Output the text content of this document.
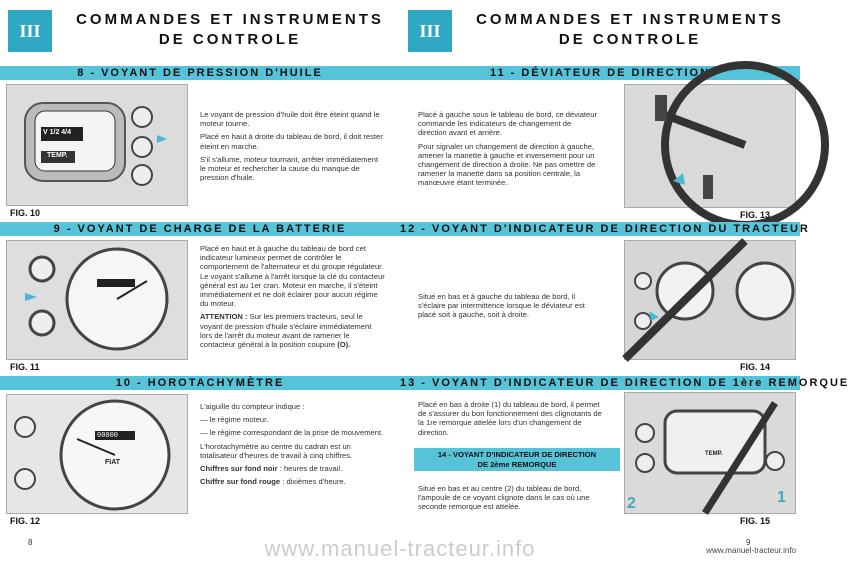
III
COMMANDES ET INSTRUMENTS
DE CONTROLE
8 - VOYANT DE PRESSION D'HUILE
V 1/2 4/4
TEMP.
FIG. 10

Le voyant de pression d'huile doit être éteint quand le moteur tourne.

Placé en haut à droite du tableau de bord, il doit rester éteint en marche.

S'il s'allume, moteur tournant, arrêter immédiatement le moteur et rechercher la cause du manque de pression d'huile.

9 - VOYANT DE CHARGE DE LA BATTERIE
FIG. 11

Placé en haut et à gauche du tableau de bord cet indicateur lumineux permet de contrôler le comportement de l'alternateur et du groupe régulateur. Le voyant s'allume à l'arrêt lorsque la clé du contacteur général est au 1er cran. Moteur en marche, il s'éteint immédiatement et ne doit éclairer pour aucun régime du moteur.

ATTENTION : Sur les premiers tracteurs, seul le voyant de pression d'huile s'éclaire immédiatement lors de l'arrêt du moteur avant de ramener le contacteur général à la position coupure (O).

10 - HOROTACHYMÈTRE
00000
FIAT
FIG. 12

L'aiguille du compteur indique :

— le régime moteur.

— le régime correspondant de la prise de mouvement.

L'horotachymètre au centre du cadran est un totalisateur d'heures de travail à cinq chiffres.

Chiffres sur fond noir : heures de travail.

Chiffre sur fond rouge : dixièmes d'heure.

8
III
COMMANDES ET INSTRUMENTS
DE CONTROLE
11 - DÉVIATEUR DE DIRECTION

Placé à gauche sous le tableau de bord, ce déviateur commande les indicateurs de changement de direction avant et arrière.

Pour signaler un changement de direction à gauche, amener la manette à gauche et inversement pour un changement de direction à droite. Ne pas omettre de ramener la manette dans sa position centrale, la manœuvre étant terminée.

FIG. 13
12 - VOYANT D'INDICATEUR DE DIRECTION DU TRACTEUR

Situé en bas et à gauche du tableau de bord, il s'éclaire par intermittence lorsque le déviateur est placé soit à gauche, soit à droite.

FIG. 14
13 - VOYANT D'INDICATEUR DE DIRECTION DE 1ère REMORQUE

Placé en bas à droite (1) du tableau de bord, il permet de s'assurer du bon fonctionnement des clignotants de la 1re remorque attelée lors d'un changement de direction.

14 - VOYANT D'INDICATEUR DE DIRECTION
DE 2ème REMORQUE

Situé en bas et au centre (2) du tableau de bord, l'ampoule de ce voyant clignote dans le cas où une seconde remorque est attelée.

TEMP.
1
2
FIG. 15
9
www.manuel-tracteur.info	www.manuel-tracteur.info
